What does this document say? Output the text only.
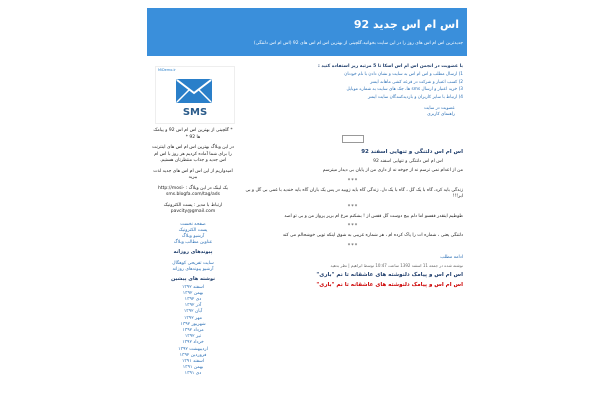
اس ام اس جدید 92
جدیدترین اس ام اس های روز را در این سایت بخوانید.گلچینی از بهترین اس ام اس های 92 (اس ام اس دلتنگی)
MiDemo.ir
SMS

* گلچینی از بهترین اس ام اس 92 و پیامک ها 92 *

در این وبلاگ بهترین اس ام اس های اینترنت را برای شما آماده کردیم هر روز با اس ام اس جدید و جذاب منتظرتان هستیم.

امیدواریم از این اس ام اس های جدید لذت ببرید

یک لینک در این وبلاگ : http://mosi-sms.blogfa.com/tag/ads

ارتباط با مدیر : پست الکترونیک pavcity@gmail.com

صفحه نخست
پست الکترونیک
آرشیو وبلاگ
عناوین مطالب وبلاگ
پیوندهای روزانه
سایت تفریحی کوهگال
آرشیو پیوندهای روزانه
نوشته های پیشین
اسفند ۱۳۹۲
بهمن ۱۳۹۲
دی ۱۳۹۲
آذر ۱۳۹۲
آبان ۱۳۹۲
مهر ۱۳۹۲
شهریور ۱۳۹۲
مرداد ۱۳۹۲
تیر ۱۳۹۲
خرداد ۱۳۹۲
اردیبهشت ۱۳۹۲
فروردین ۱۳۹۲
اسفند ۱۳۹۱
بهمن ۱۳۹۱
دی ۱۳۹۱
با عضویت در انجمن اس ام اس اسکا تا 5 مرتبه زیر استفاده کنید :
1) ارسال مطلب و اس ام اس به سایت و نشان دادن با نام خودتان
2) کسب اعتبار و شرکت در قرعه کشی ماهانه ایمتر
3) خرید اعتبار و ارسال sms ها، جک های سایت به شماره موبایل
4) ارتباط با سایر کاربران و بازدیدکنندگان سایت ایمتر
عضویت در سایت
راهنمای کاربری
اس ام اس دلتنگی و تنهایی اسفند 92
اس ام اس دلتنگی و تنهایی اسفند 92
من از اعدام نمی ترسم نه از جوخه نه از داری من از پایان بی دیدار میترسم
***
زندگی باید کرد، گاه با یک گل ، گاه با یک دل. زندگی گاه باید زوبید در پس یک باران گاه باید خندید با غمی بی گل و بی ابر!!!
***
طوطیم اینقدر قفسو اما دلم بیچ دوست گل قفس از ! بشکنم مرغ ام بریر پرواز من و بی تو اصد
***
دلتنگی یعنی ، شماره ات را پاک کرده ام ، هر شماره غریبی به شوق اینکه تویی خوشحالم می کند
***
ادامه مطلب
نوشته شده در جمعه 11 اسفند 1392 ساعت 10:47 توسط ابراهیم | نظر بدهید
اس ام اس و پیامک دلنوشته های عاشقانه تا نم "باری"
اس ام اس و پیامک دلنوشته های عاشقانه تا نم "باری"
